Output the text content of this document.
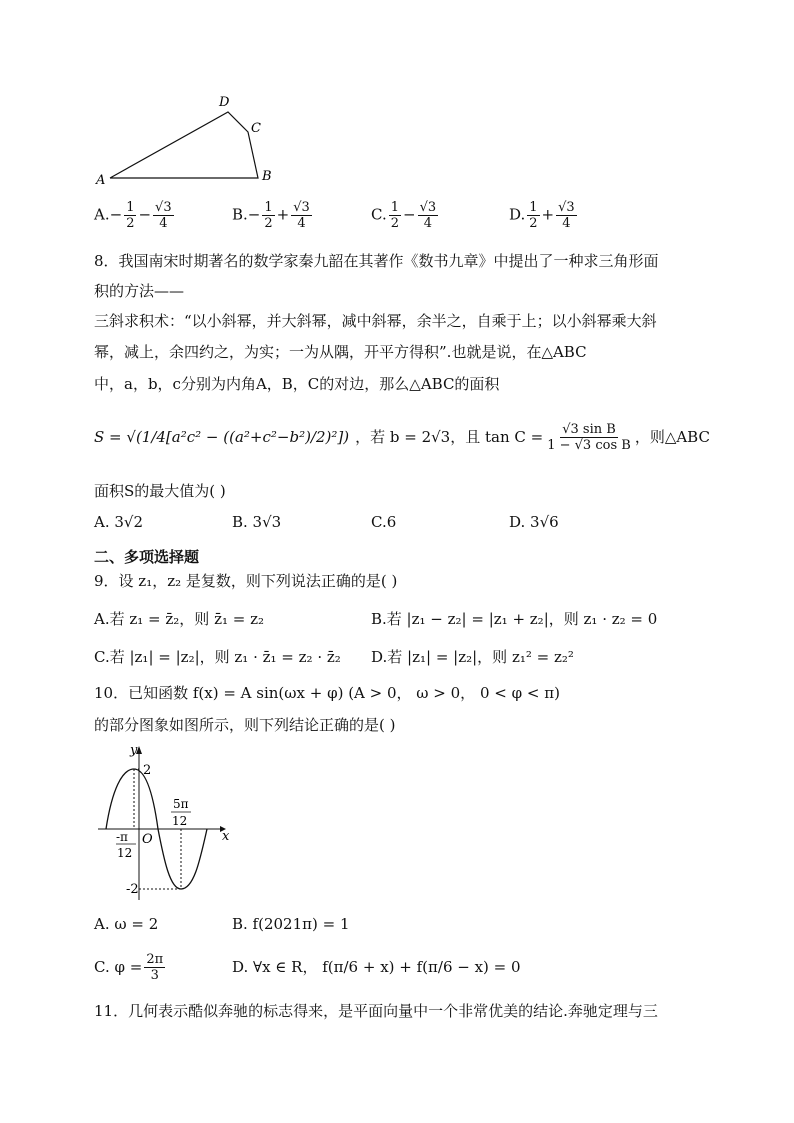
A	B
C
D
$A.- \frac{1}{2} - \frac{√3}{4}$	$B.- \frac{1}{2} + \frac{√3}{4}$	C. $\frac{1}{2} - \frac{√3}{4}$	D. $\frac{1}{2} + \frac{√3}{4}$
8．我国南宋时期著名的数学家秦九韶在其著作《数书九章》中提出了一种求三角形面
积的方法——
三斜求积术：“以小斜幂，并大斜幂，减中斜幂，余半之，自乘于上；以小斜幂乘大斜
幂，减上，余四约之，为实；一为从隅，开平方得积”.也就是说，在△ABC
中，a，b，c分别为内角A，B，C的对边，那么△ABC的面积
S = √(1/4[a²c² − ((a²+c²−b²)/2)²]) ，若 b = 2√3，且 $\tan C = \frac{\text{√3 sin B}}{\text{1 − √3 cos B}}$ ，则△ABC
面积S的最大值为( )
A. 3√2	B. 3√3	C.6	D. 3√6
二、多项选择题
9．设 z₁，z₂ 是复数，则下列说法正确的是( )
A.若 z₁ = z̄₂，则 z̄₁ = z₂	B.若 |z₁ − z₂| = |z₁ + z₂|，则 z₁ · z₂ = 0
C.若 |z₁| = |z₂|，则 z₁ · z̄₁ = z₂ · z̄₂ D.若 |z₁| = |z₂|，则 z₁² = z₂²
10．已知函数 f(x) = A sin(ωx + φ) (A > 0， ω > 0， 0 < φ < π)
的部分图象如图所示，则下列结论正确的是( )
y
x
O
2
-2
5π
12
-π
12
A. ω = 2	B. f(2021π) = 1
C. $\varphi = \frac{2\pi}{3}$	D. ∀x ∈ R， f(π/6 + x) + f(π/6 − x) = 0
11．几何表示酷似奔驰的标志得来，是平面向量中一个非常优美的结论.奔驰定理与三
